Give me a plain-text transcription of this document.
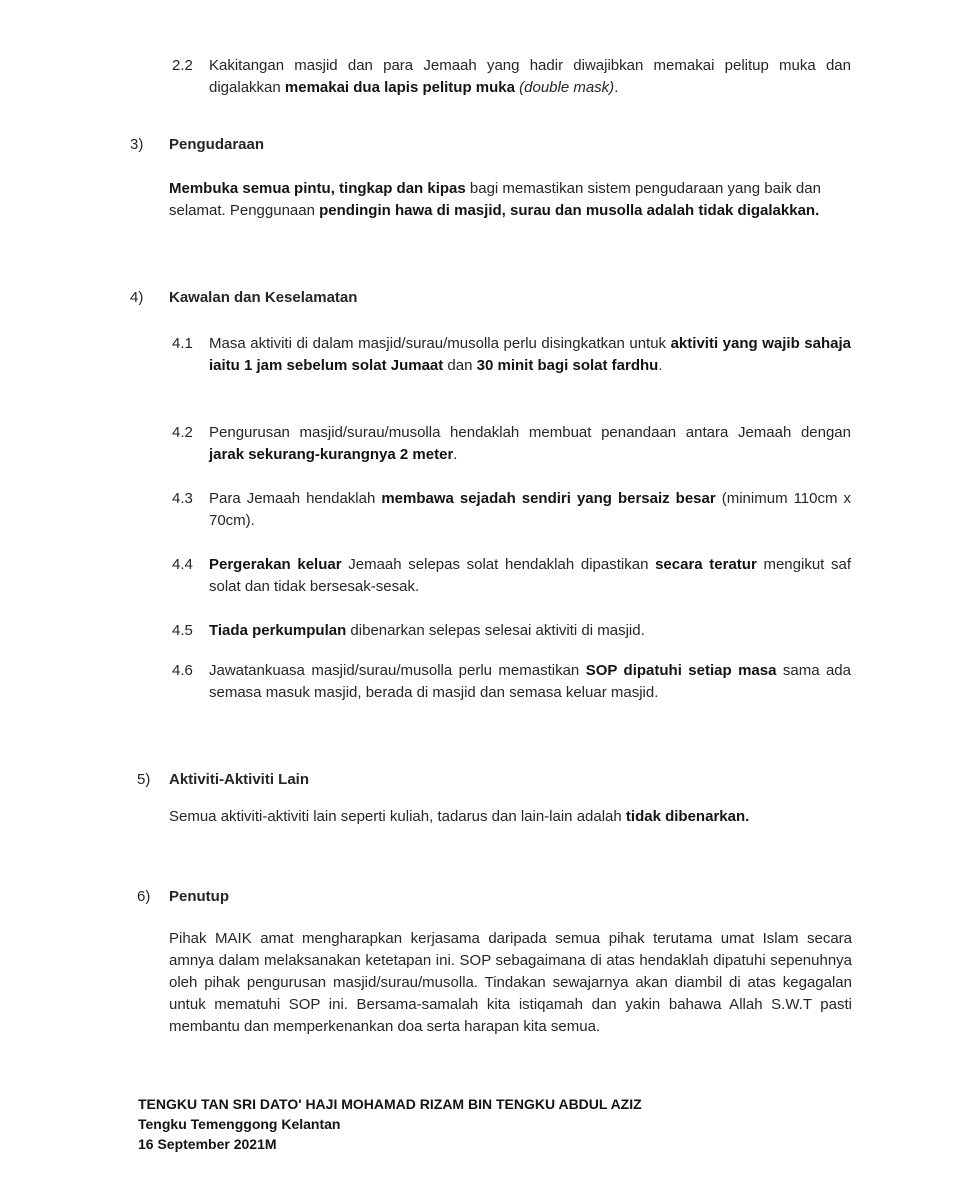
2.2 Kakitangan masjid dan para Jemaah yang hadir diwajibkan memakai pelitup muka dan digalakkan memakai dua lapis pelitup muka (double mask).
3) Pengudaraan
Membuka semua pintu, tingkap dan kipas bagi memastikan sistem pengudaraan yang baik dan selamat. Penggunaan pendingin hawa di masjid, surau dan musolla adalah tidak digalakkan.
4) Kawalan dan Keselamatan
4.1 Masa aktiviti di dalam masjid/surau/musolla perlu disingkatkan untuk aktiviti yang wajib sahaja iaitu 1 jam sebelum solat Jumaat dan 30 minit bagi solat fardhu.
4.2 Pengurusan masjid/surau/musolla hendaklah membuat penandaan antara Jemaah dengan jarak sekurang-kurangnya 2 meter.
4.3 Para Jemaah hendaklah membawa sejadah sendiri yang bersaiz besar (minimum 110cm x 70cm).
4.4 Pergerakan keluar Jemaah selepas solat hendaklah dipastikan secara teratur mengikut saf solat dan tidak bersesak-sesak.
4.5 Tiada perkumpulan dibenarkan selepas selesai aktiviti di masjid.
4.6 Jawatankuasa masjid/surau/musolla perlu memastikan SOP dipatuhi setiap masa sama ada semasa masuk masjid, berada di masjid dan semasa keluar masjid.
5) Aktiviti-Aktiviti Lain
Semua aktiviti-aktiviti lain seperti kuliah, tadarus dan lain-lain adalah tidak dibenarkan.
6) Penutup
Pihak MAIK amat mengharapkan kerjasama daripada semua pihak terutama umat Islam secara amnya dalam melaksanakan ketetapan ini. SOP sebagaimana di atas hendaklah dipatuhi sepenuhnya oleh pihak pengurusan masjid/surau/musolla. Tindakan sewajarnya akan diambil di atas kegagalan untuk mematuhi SOP ini. Bersama-samalah kita istiqamah dan yakin bahawa Allah S.W.T pasti membantu dan memperkenankan doa serta harapan kita semua.
TENGKU TAN SRI DATO' HAJI MOHAMAD RIZAM BIN TENGKU ABDUL AZIZ
Tengku Temenggong Kelantan
16 September 2021M
